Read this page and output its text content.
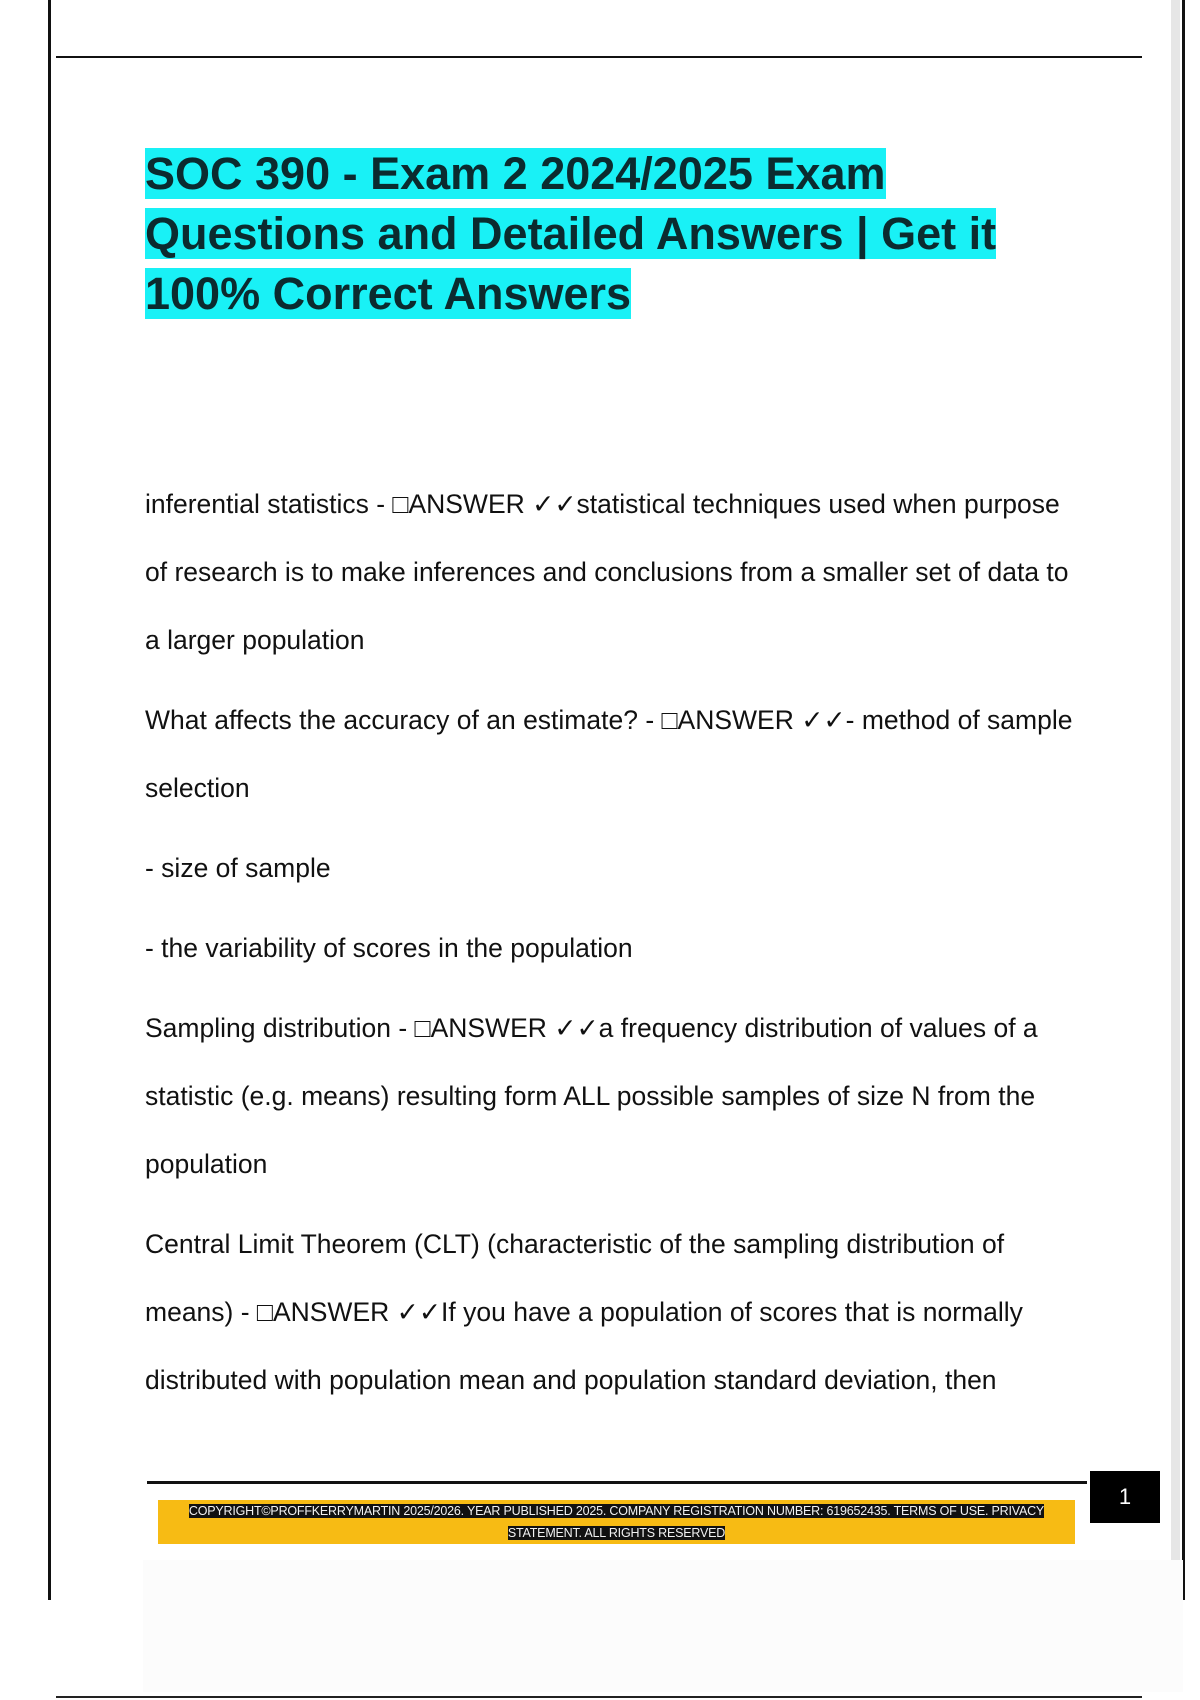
SOC 390 - Exam 2 2024/2025 Exam Questions and Detailed Answers | Get it 100% Correct Answers

inferential statistics - □ANSWER ✓✓statistical techniques used when purpose of research is to make inferences and conclusions from a smaller set of data to a larger population

What affects the accuracy of an estimate? - □ANSWER ✓✓- method of sample selection

- size of sample

- the variability of scores in the population

Sampling distribution - □ANSWER ✓✓a frequency distribution of values of a statistic (e.g. means) resulting form ALL possible samples of size N from the population

Central Limit Theorem (CLT) (characteristic of the sampling distribution of means) - □ANSWER ✓✓If you have a population of scores that is normally distributed with population mean and population standard deviation, then

COPYRIGHT©PROFFKERRYMARTIN 2025/2026. YEAR PUBLISHED 2025. COMPANY REGISTRATION NUMBER: 619652435. TERMS OF USE. PRIVACY STATEMENT. ALL RIGHTS RESERVED
1
